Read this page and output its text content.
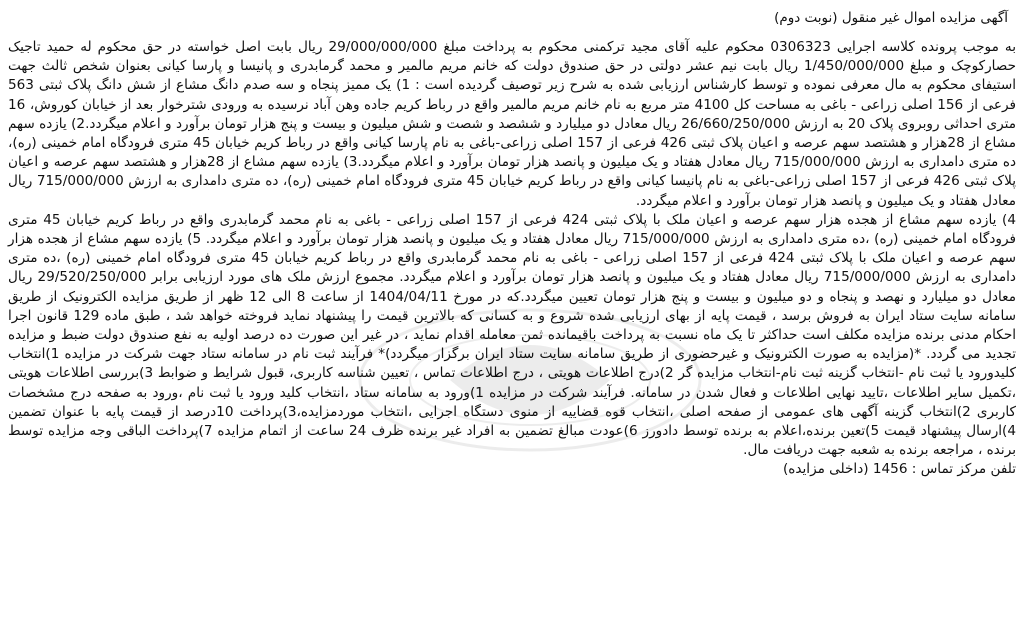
آگهی مزایده اموال غیر منقول (نوبت دوم)

به موجب پرونده کلاسه اجرایی 0306323 محکوم علیه آقای مجید ترکمنی محکوم به پرداخت مبلغ 29/000/000/000 ریال بابت اصل خواسته در حق محکوم له حمید تاجیک حصارکوچک و مبلغ 1/450/000/000 ریال بابت نیم عشر دولتی در حق صندوق دولت که خانم مریم مالمیر و محمد گرمابدری و پانیسا و پارسا کیانی بعنوان شخص ثالث جهت استیفای محکوم به مال معرفی نموده و توسط کارشناس ارزیابی شده به شرح زیر توصیف گردیده است : 1) یک ممیز پنجاه و سه صدم دانگ مشاع از شش دانگ پلاک ثبتی 563 فرعی از 156 اصلی زراعی - باغی به مساحت کل 4100 متر مربع به نام خانم مریم مالمیر واقع در رباط کریم جاده وهن آباد نرسیده به ورودی شترخوار بعد از خیابان کوروش، 16 متری احداثی روبروی پلاک 20 به ارزش 26/660/250/000 ریال معادل دو میلیارد و ششصد و شصت و شش میلیون و بیست و پنج هزار تومان برآورد و اعلام میگردد.2) یازده سهم مشاع از 28هزار و هشتصد سهم عرصه و اعیان پلاک ثبتی 426 فرعی از 157 اصلی زراعی-باغی به نام پارسا کیانی واقع در رباط کریم خیابان 45 متری فرودگاه امام خمینی (ره)، ده متری دامداری به ارزش 715/000/000 ریال معادل هفتاد و یک میلیون و پانصد هزار تومان برآورد و اعلام میگردد.3) یازده سهم مشاع از 28هزار و هشتصد سهم عرصه و اعیان پلاک ثبتی 426 فرعی از 157 اصلی زراعی-باغی به نام پانیسا کیانی واقع در رباط کریم خیابان 45 متری فرودگاه امام خمینی (ره)، ده متری دامداری به ارزش 715/000/000 ریال معادل هفتاد و یک میلیون و پانصد هزار تومان برآورد و اعلام میگردد.
4) یازده سهم مشاع از هجده هزار سهم عرصه و اعیان ملک با پلاک ثبتی 424 فرعی از 157 اصلی زراعی - باغی به نام محمد گرمابدری واقع در رباط کریم خیابان 45 متری فرودگاه امام خمینی (ره) ،ده متری دامداری به ارزش 715/000/000 ریال معادل هفتاد و یک میلیون و پانصد هزار تومان برآورد و اعلام میگردد. 5) یازده سهم مشاع از هجده هزار سهم عرصه و اعیان ملک با پلاک ثبتی 424 فرعی از 157 اصلی زراعی - باغی به نام محمد گرمابدری واقع در رباط کریم خیابان 45 متری فرودگاه امام خمینی (ره) ،ده متری دامداری به ارزش 715/000/000 ریال معادل هفتاد و یک میلیون و پانصد هزار تومان برآورد و اعلام میگردد. مجموع ارزش ملک های مورد ارزیابی برابر 29/520/250/000 ریال معادل دو میلیارد و نهصد و پنجاه و دو میلیون و بیست و پنج هزار تومان تعیین میگردد.که در مورخ 1404/04/11 از ساعت 8 الی 12 ظهر از طریق مزایده الکترونیک از طریق سامانه سایت ستاد ایران به فروش برسد ، قیمت پایه از بهای ارزیابی شده شروع و به کسانی که بالاترین قیمت را پیشنهاد نماید فروخته خواهد شد ، طبق ماده 129 قانون اجرا احکام مدنی برنده مزایده مکلف است حداکثر تا یک ماه نسبت به پرداخت باقیمانده ثمن معامله اقدام نماید ، در غیر این صورت ده درصد اولیه به نفع صندوق دولت ضبط و مزایده تجدید می گردد. *(مزایده به صورت الکترونیک و غیرحضوری از طریق سامانه سایت ستاد ایران برگزار میگردد)* فرآیند ثبت نام در سامانه ستاد جهت شرکت در مزایده 1)انتخاب کلیدورود یا ثبت نام -انتخاب گزینه ثبت نام-انتخاب مزایده گر 2)درج اطلاعات هویتی ، درج اطلاعات تماس ، تعیین شناسه کاربری، قبول شرایط و ضوابط 3)بررسی اطلاعات هویتی ،تکمیل سایر اطلاعات ،تایید نهایی اطلاعات و فعال شدن در سامانه. فرآیند شرکت در مزایده 1)ورود به سامانه ستاد ،انتخاب کلید ورود یا ثبت نام ،ورود به صفحه درج مشخصات کاربری 2)انتخاب گزینه آگهی های عمومی از صفحه اصلی ،انتخاب قوه قضاییه از منوی دستگاه اجرایی ،انتخاب موردمزایده،3)پرداخت 10درصد از قیمت پایه با عنوان تضمین 4)ارسال پیشنهاد قیمت 5)تعین برنده،اعلام به برنده توسط دادورز 6)عودت مبالغ تضمین به افراد غیر برنده ظرف 24 ساعت از اتمام مزایده 7)پرداخت الباقی وجه مزایده توسط برنده ، مراجعه برنده به شعبه جهت دریافت مال.
تلفن مرکز تماس : 1456 (داخلی مزایده)
